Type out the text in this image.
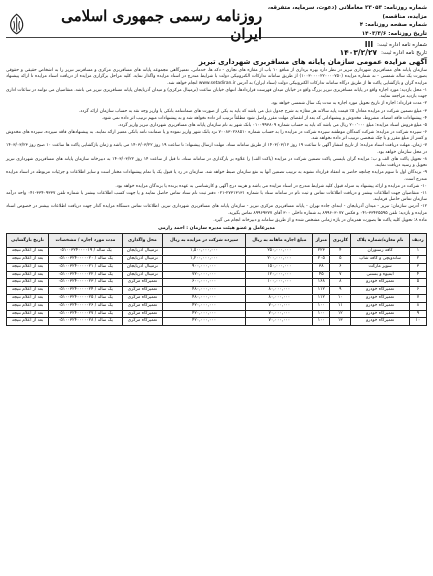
شماره روزنامه: ۲۳۰۵۳ معاملاتی (دعوت، سرمایه، متفرقه، مزایده، مناقصه)
شماره صفحه روزنامه: ۴
تاریخ روزنامه: ۱۴۰۳/۳/۶
روزنامه رسمی جمهوری اسلامی ایران
شماره نامه اداره ثبت:
III
تاریخ نامه اداره ثبت:
۱۴۰۳/۲/۲۷
آگهی مزایده عمومی سازمان پایانه های مسافربری شهرداری تبریز

سازمان پایانه های مسافربری شهرداری تبریز در نظر دارد بهره برداری از منافع ۱۰ باب از مغازه های تجاری - دکه ها، خدماتی، تعمیرگاهی مجموعه پایانه های مسافربری مرکزی و مسافرتبر تبریز را به اشخاص حقیقی و حقوقی بصورت یک ساله شمسی - نه شماره مزایده (۱۰۰۳۰۰۰۰۲۲۰۰۰۰۷۵۰) از طریق سامانه تدارکات الکترونیکی دولت با شرایط مندرج در اسناد مزایده واگذار نماید. کلیه مراحل برگزاری مزایده از دریافت اسناد مزایده تا ارائه پیشنهاد مزایده گران و بازگشایی پاکت ها از طریق درگاه سامانه تدارکات الکترونیکی دولت (ستاد ایران) به آدرس www.setadiran.ir انجام خواهد شد.

۱- محل بازدید: مورد اجاره واقع در پایانه مسافربری تبریز بزرگ واقع در خیابان میدان فهرست قراردادها، انتهای خیابان ساعت (ترمینال مرکزی) و میدان آذربایجان پایانه مسافربری تبریز می باشد. متقاضیان می توانند در ساعات اداری جهت بازدید مراجعه نمایند.

۲- مدت قرارداد: اجاره از تاریخ تحویل مورد اجاره به مدت یک سال شمسی خواهد بود.

۳- مبلغ تضمین شرکت در مزایده معادل ۵٪ قیمت پایه سالانه هر مغازه به شرح جدول ذیل می باشد که باید به یکی از صورت های ضمانتنامه بانکی یا واریز وجه نقد به حساب سازمان ارائه گردد.

۴- پیشنهادات فاقد امضاء، مشروط، مخدوش و پیشنهاداتی که بعد از انقضای مهلت مقرر واصل شود مطلقاً ترتیب اثر داده نخواهد شد و به پیشنهادات مبهم ترتیب اثر داده نمی شود.

۵- مبلغ فروش اسناد مزایده: مبلغ ۲۰۰٬۰۰۰ ریال می باشد که باید به حساب شماره ۰۱۰۰۹۹۳۸۰۹ بانک شهر به نام سازمان پایانه های مسافربری شهرداری تبریز واریز گردد.

۶- سپرده شرکت در مزایده: شرکت کنندگان موظفند سپرده شرکت در مزایده را به حساب شماره ۷۰۰۸۳۰۲۶۸۵۱۰ نزد بانک شهر واریز نموده و یا ضمانت نامه بانکی معتبر ارائه نمایند. به پیشنهادهای فاقد سپرده، سپرده های مخدوش و کمتر از مبلغ مقرر و یا چک شخصی ترتیب اثر داده نخواهد شد.

۷- زمان، مهلت دریافت اسناد مزایده: از تاریخ انتشار آگهی تا ساعت ۱۹ روز ۱۴۰۳/۰۳/۱۲ از طریق سامانه ستاد. مهلت ارسال پیشنهاد: تا ساعت ۱۹ روز ۱۴۰۳/۰۳/۲۲ می باشد و زمان بازگشایی پاکت ها ساعت ۱۰ صبح روز ۱۴۰۳/۰۳/۲۳ در محل سازمان خواهد بود.

۸- تحویل پاکت های الف و ب: مزایده گران بایستی پاکت تضمین شرکت در مزایده (پاکت الف) را علاوه بر بارگذاری در سامانه ستاد، تا قبل از ساعت ۱۴ روز ۱۴۰۳/۰۳/۲۲ به دبیرخانه سازمان پایانه های مسافربری شهرداری تبریز تحویل و رسید دریافت نمایند.

۹- برندگان اول تا سوم مزایده چنانچه حاضر به انعقاد قرارداد نشوند به ترتیب تضمین آنها به نفع سازمان ضبط خواهد شد. سازمان در رد یا قبول یک یا تمام پیشنهادات مختار است و سایر اطلاعات و جزئیات مربوطه در اسناد مزایده مندرج است.

۱۰- شرکت در مزایده و ارائه پیشنهاد به منزله قبول کلیه شرایط مندرج در اسناد مزایده می باشد و هزینه درج آگهی و کارشناسی به عهده برنده یا برندگان مزایده خواهد بود.

۱۱- متقاضیان جهت اطلاعات بیشتر و دریافت اطلاعات تماس و ثبت نام در سامانه ستاد با شماره ۲۷۳۱۳۱۳۱-۰۲۱ دفتر ثبت نام ستاد تماس حاصل نمایند و یا جهت کسب اطلاعات بیشتر با شماره تلفن ۳۳۴۰۹۳۳۷-۰۴۱ واحد درآمد سازمان تماس حاصل فرمایند.

۱۲- آدرس سازمان: تبریز - میدان آذربایجان - ابتدای جاده تهران - پایانه مسافربری مرکزی تبریز - سازمان پایانه های مسافربری شهرداری تبریز. اطلاعات تماس دستگاه مزایده گذار جهت دریافت اطلاعات بیشتر در خصوص اسناد مزایده و بازدید: تلفن ۳۳۴۲۵۵۹۵-۰۴۱ و فکس ۸۹۹۶۰۳۰۷۷ به شماره داخلی ۳۰۰ آقای ۸۹۹۶۹۳۷۷ تماس بگیرید.

ماده ۸: تحویل کلیه پاکت ها بصورت همزمان در بازه زمانی مشخص شده و از طریق سامانه و دبیرخانه انجام می گیرد.

مدیرعامل و عضو هیئت مدیره سازمان : احمد رازمی
ردیف	نام مغازه/شماره پلاک	کاربری	متراژ	مبلغ اجاره ماهانه به ریال	سپرده شرکت در مزایده به ریال	محل واگذاری	مدت مورد اجاره / مشخصات	تاریخ بازگشایی
۱	کافه رستوران	۴	۲۲۳	۲۵۰,۰۰۰,۰۰۰	۱,۵۰۰,۰۰۰,۰۰۰	ترمینال آذربایجان	یک ساله / ۰۵۱۰۰۳۲۴۰۰۰۰۱۹	بعد از اعلام نتیجه
۲	ساندویچی و کافه شاپ	۵	۲۰۵	۲۰۰,۰۰۰,۰۰۰	۱,۲۰۰,۰۰۰,۰۰۰	ترمینال آذربایجان	یک ساله / ۰۵۱۰۰۳۲۴۰۰۰۰۰۲۰	بعد از اعلام نتیجه
۳	سوپر مارکت	۶	۳۸	۱۵۰,۰۰۰,۰۰۰	۹۰۰,۰۰۰,۰۰۰	ترمینال آذربایجان	یک ساله / ۰۵۱۰۰۳۲۴۰۰۰۰۰۲۱	بعد از اعلام نتیجه
۴	آبمیوه و بستنی	۷	۴۵	۱۲۰,۰۰۰,۰۰۰	۷۲۰,۰۰۰,۰۰۰	ترمینال آذربایجان	یک ساله / ۰۵۱۰۰۳۲۴۰۰۰۰۰۲۲	بعد از اعلام نتیجه
۵	تعمیرگاه خودرو	۸	۱۶۸	۱۰۰,۰۰۰,۰۰۰	۶۰۰,۰۰۰,۰۰۰	تعمیرگاه مرکزی	یک ساله / ۰۵۱۰۰۳۲۴۰۰۰۰۰۲۳	بعد از اعلام نتیجه
۶	تعمیرگاه خودرو	۹	۱۱۲	۸۰,۰۰۰,۰۰۰	۴۸۰,۰۰۰,۰۰۰	تعمیرگاه مرکزی	یک ساله / ۰۵۱۰۰۳۲۴۰۰۰۰۰۲۴	بعد از اعلام نتیجه
۷	تعمیرگاه خودرو	۱۰	۱۱۲	۸۰,۰۰۰,۰۰۰	۴۸۰,۰۰۰,۰۰۰	تعمیرگاه مرکزی	یک ساله / ۰۵۱۰۰۳۲۴۰۰۰۰۰۲۵	بعد از اعلام نتیجه
۸	تعمیرگاه خودرو	۱۱	۱۰۰	۷۰,۰۰۰,۰۰۰	۴۲۰,۰۰۰,۰۰۰	تعمیرگاه مرکزی	یک ساله / ۰۵۱۰۰۳۲۴۰۰۰۰۰۲۶	بعد از اعلام نتیجه
۹	تعمیرگاه خودرو	۱۲	۱۰۰	۷۰,۰۰۰,۰۰۰	۴۲۰,۰۰۰,۰۰۰	تعمیرگاه مرکزی	یک ساله / ۰۵۱۰۰۳۲۴۰۰۰۰۰۲۷	بعد از اعلام نتیجه
۱۰	تعمیرگاه خودرو	۱۳	۱۰۰	۷۰,۰۰۰,۰۰۰	۴۲۰,۰۰۰,۰۰۰	تعمیرگاه مرکزی	یک ساله / ۰۵۱۰۰۳۲۴۰۰۰۰۰۲۸	بعد از اعلام نتیجه
